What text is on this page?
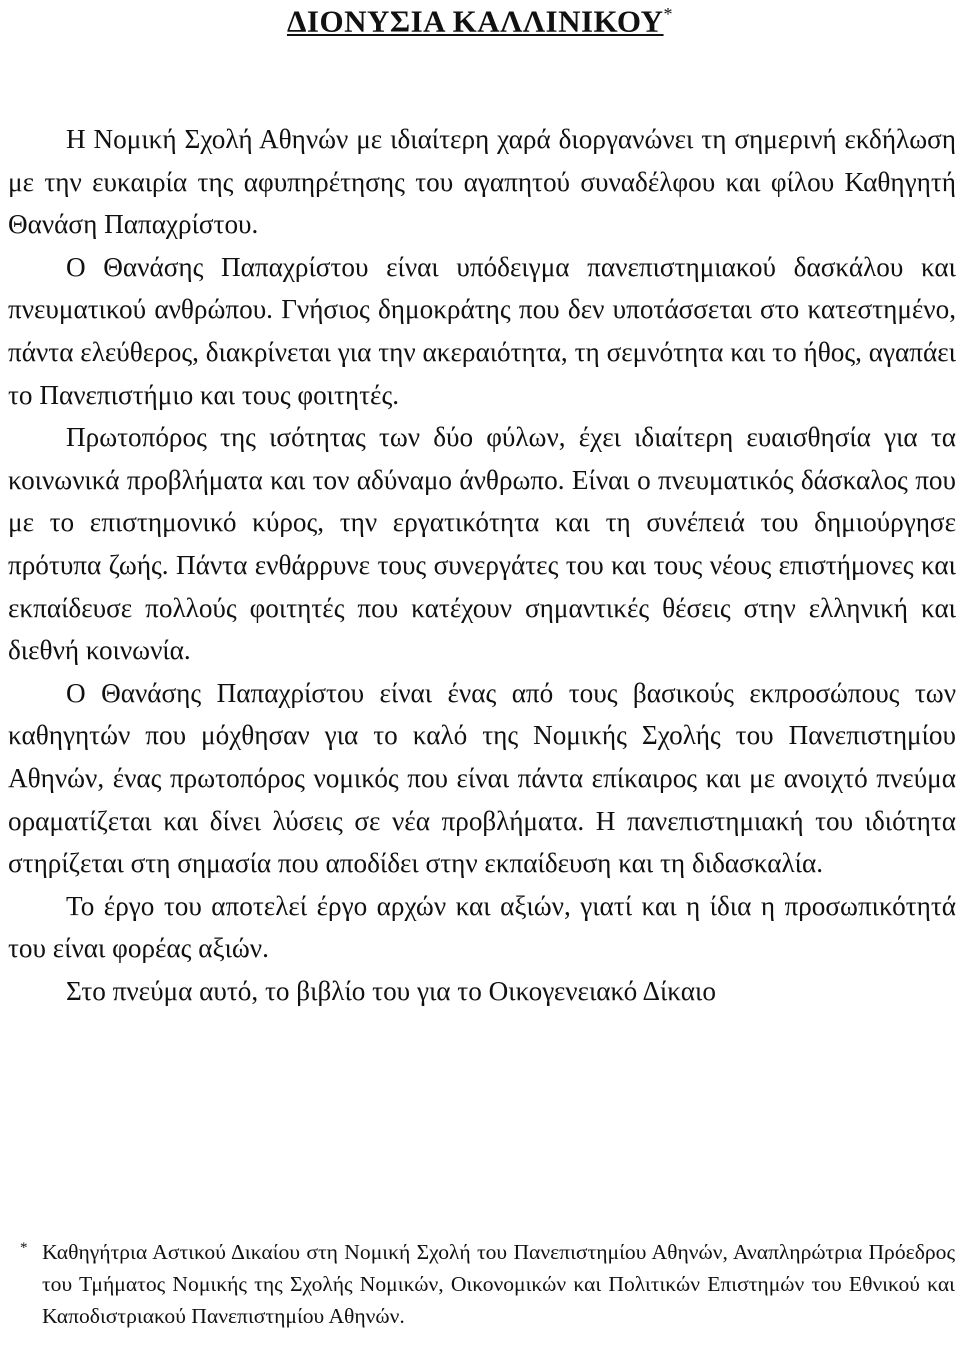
ΔΙΟΝΥΣΙΑ ΚΑΛΛΙΝΙΚΟΥ*

Η Νομική Σχολή Αθηνών με ιδιαίτερη χαρά διοργανώνει τη σημερινή εκδήλωση με την ευκαιρία της αφυπηρέτησης του αγαπητού συναδέλφου και φίλου Καθηγητή Θανάση Παπαχρίστου.

Ο Θανάσης Παπαχρίστου είναι υπόδειγμα πανεπιστημιακού δασκάλου και πνευματικού ανθρώπου. Γνήσιος δημοκράτης που δεν υποτάσσεται στο κατεστημένο, πάντα ελεύθερος, διακρίνεται για την ακεραιότητα, τη σεμνότητα και το ήθος, αγαπάει το Πανεπιστήμιο και τους φοιτητές.

Πρωτοπόρος της ισότητας των δύο φύλων, έχει ιδιαίτερη ευαισθησία για τα κοινωνικά προβλήματα και τον αδύναμο άνθρωπο. Είναι ο πνευματικός δάσκαλος που με το επιστημονικό κύρος, την εργατικότητα και τη συνέπειά του δημιούργησε πρότυπα ζωής. Πάντα ενθάρρυνε τους συνεργάτες του και τους νέους επιστήμονες και εκπαίδευσε πολλούς φοιτητές που κατέχουν σημαντικές θέσεις στην ελληνική και διεθνή κοινωνία.

Ο Θανάσης Παπαχρίστου είναι ένας από τους βασικούς εκπροσώπους των καθηγητών που μόχθησαν για το καλό της Νομικής Σχολής του Πανεπιστημίου Αθηνών, ένας πρωτοπόρος νομικός που είναι πάντα επίκαιρος και με ανοιχτό πνεύμα οραματίζεται και δίνει λύσεις σε νέα προβλήματα. Η πανεπιστημιακή του ιδιότητα στηρίζεται στη σημασία που αποδίδει στην εκπαίδευση και τη διδασκαλία.

Το έργο του αποτελεί έργο αρχών και αξιών, γιατί και η ίδια η προσωπικότητά του είναι φορέας αξιών.

Στο πνεύμα αυτό, το βιβλίο του για το Οικογενειακό Δίκαιο

* Καθηγήτρια Αστικού Δικαίου στη Νομική Σχολή του Πανεπιστημίου Αθηνών, Αναπληρώτρια Πρόεδρος του Τμήματος Νομικής της Σχολής Νομικών, Οικονομικών και Πολιτικών Επιστημών του Εθνικού και Καποδιστριακού Πανεπιστημίου Αθηνών.
